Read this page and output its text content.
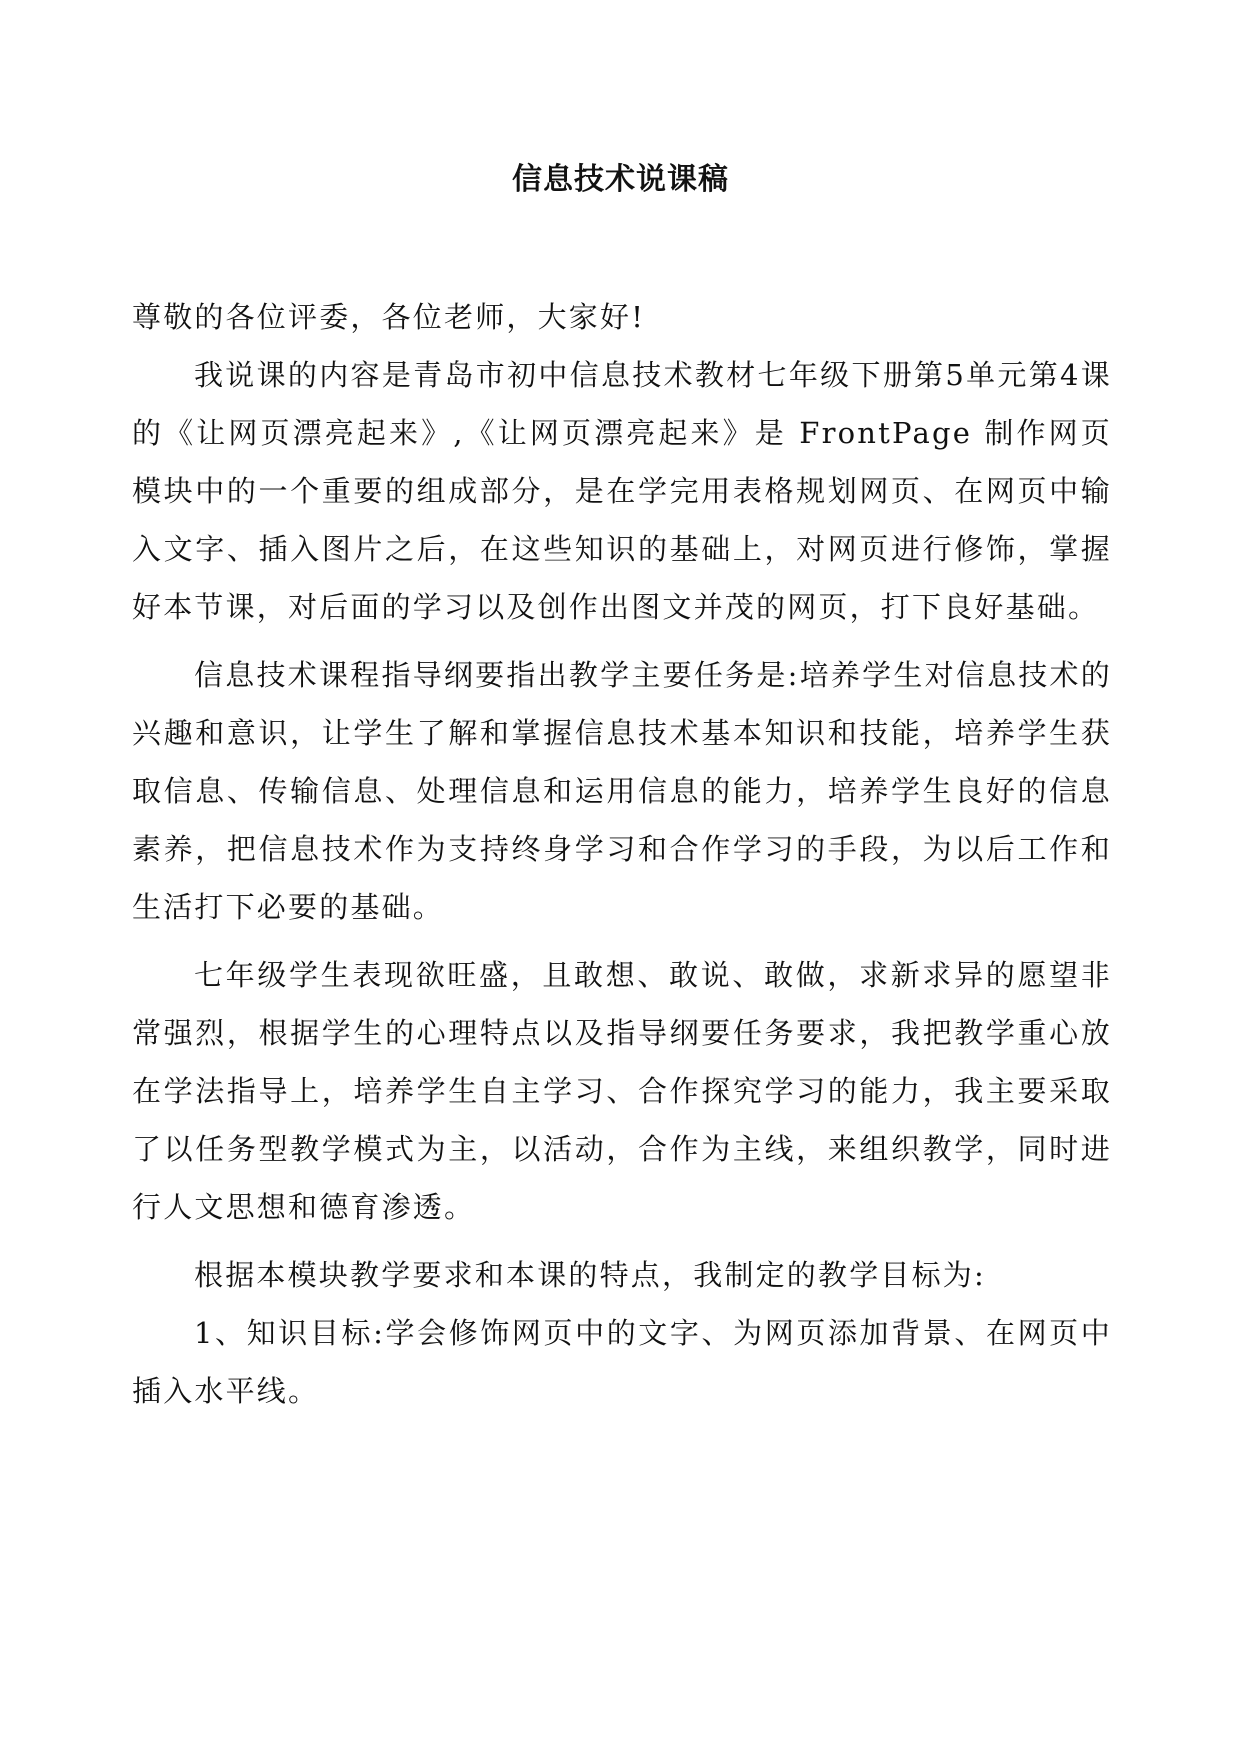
信息技术说课稿

尊敬的各位评委，各位老师，大家好!

我说课的内容是青岛市初中信息技术教材七年级下册第5单元第4课的《让网页漂亮起来》,《让网页漂亮起来》是 FrontPage 制作网页模块中的一个重要的组成部分，是在学完用表格规划网页、在网页中输入文字、插入图片之后，在这些知识的基础上，对网页进行修饰，掌握好本节课，对后面的学习以及创作出图文并茂的网页，打下良好基础。

信息技术课程指导纲要指出教学主要任务是:培养学生对信息技术的兴趣和意识，让学生了解和掌握信息技术基本知识和技能，培养学生获取信息、传输信息、处理信息和运用信息的能力，培养学生良好的信息素养，把信息技术作为支持终身学习和合作学习的手段，为以后工作和生活打下必要的基础。

七年级学生表现欲旺盛，且敢想、敢说、敢做，求新求异的愿望非常强烈，根据学生的心理特点以及指导纲要任务要求，我把教学重心放在学法指导上，培养学生自主学习、合作探究学习的能力，我主要采取了以任务型教学模式为主，以活动，合作为主线，来组织教学，同时进行人文思想和德育渗透。

根据本模块教学要求和本课的特点，我制定的教学目标为:

1、知识目标:学会修饰网页中的文字、为网页添加背景、在网页中插入水平线。
